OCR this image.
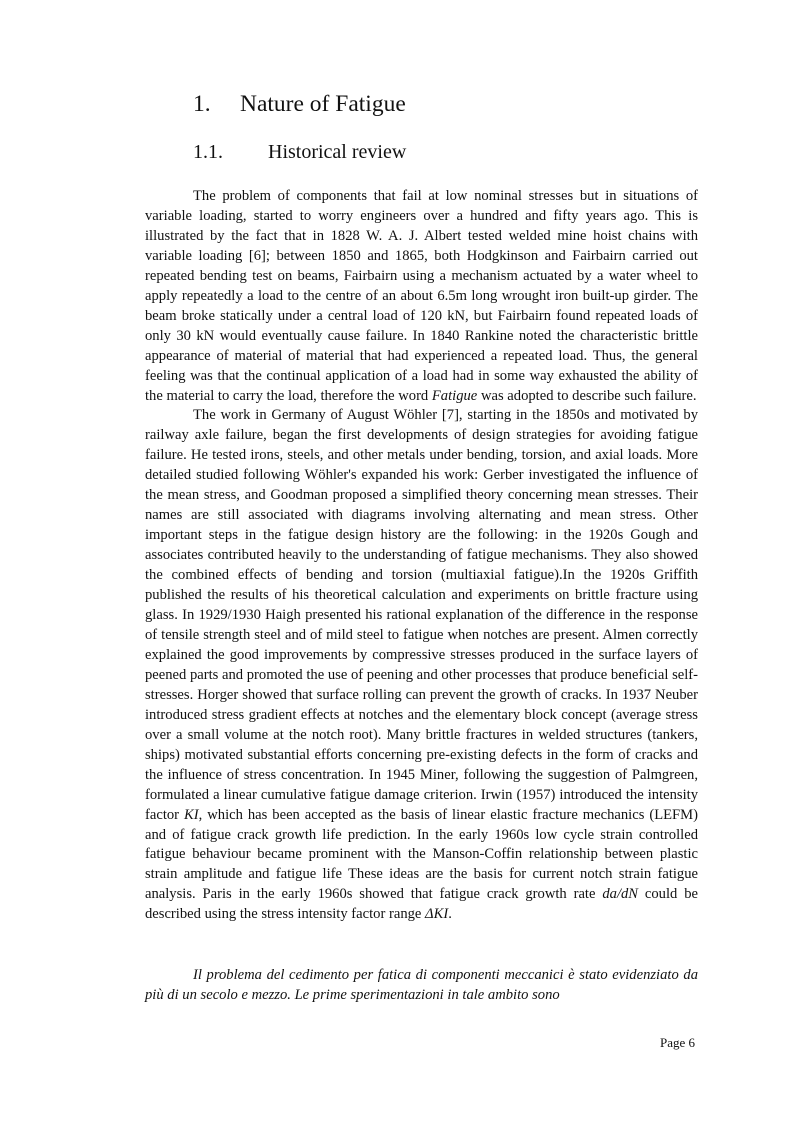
1. Nature of Fatigue
1.1. Historical review

The problem of components that fail at low nominal stresses but in situations of variable loading, started to worry engineers over a hundred and fifty years ago. This is illustrated by the fact that in 1828 W. A. J. Albert tested welded mine hoist chains with variable loading [6]; between 1850 and 1865, both Hodgkinson and Fairbairn carried out repeated bending test on beams, Fairbairn using a mechanism actuated by a water wheel to apply repeatedly a load to the centre of an about 6.5m long wrought iron built-up girder. The beam broke statically under a central load of 120 kN, but Fairbairn found repeated loads of only 30 kN would eventually cause failure. In 1840 Rankine noted the characteristic brittle appearance of material of material that had experienced a repeated load. Thus, the general feeling was that the continual application of a load had in some way exhausted the ability of the material to carry the load, therefore the word Fatigue was adopted to describe such failure.

The work in Germany of August Wöhler [7], starting in the 1850s and motivated by railway axle failure, began the first developments of design strategies for avoiding fatigue failure. He tested irons, steels, and other metals under bending, torsion, and axial loads. More detailed studied following Wöhler's expanded his work: Gerber investigated the influence of the mean stress, and Goodman proposed a simplified theory concerning mean stresses. Their names are still associated with diagrams involving alternating and mean stress. Other important steps in the fatigue design history are the following: in the 1920s Gough and associates contributed heavily to the understanding of fatigue mechanisms. They also showed the combined effects of bending and torsion (multiaxial fatigue).In the 1920s Griffith published the results of his theoretical calculation and experiments on brittle fracture using glass. In 1929/1930 Haigh presented his rational explanation of the difference in the response of tensile strength steel and of mild steel to fatigue when notches are present. Almen correctly explained the good improvements by compressive stresses produced in the surface layers of peened parts and promoted the use of peening and other processes that produce beneficial self-stresses. Horger showed that surface rolling can prevent the growth of cracks. In 1937 Neuber introduced stress gradient effects at notches and the elementary block concept (average stress over a small volume at the notch root). Many brittle fractures in welded structures (tankers, ships) motivated substantial efforts concerning pre-existing defects in the form of cracks and the influence of stress concentration. In 1945 Miner, following the suggestion of Palmgreen, formulated a linear cumulative fatigue damage criterion. Irwin (1957) introduced the intensity factor KI, which has been accepted as the basis of linear elastic fracture mechanics (LEFM) and of fatigue crack growth life prediction. In the early 1960s low cycle strain controlled fatigue behaviour became prominent with the Manson-Coffin relationship between plastic strain amplitude and fatigue life These ideas are the basis for current notch strain fatigue analysis. Paris in the early 1960s showed that fatigue crack growth rate da/dN could be described using the stress intensity factor range ΔKI.

Il problema del cedimento per fatica di componenti meccanici è stato evidenziato da più di un secolo e mezzo. Le prime sperimentazioni in tale ambito sono

Page 6
